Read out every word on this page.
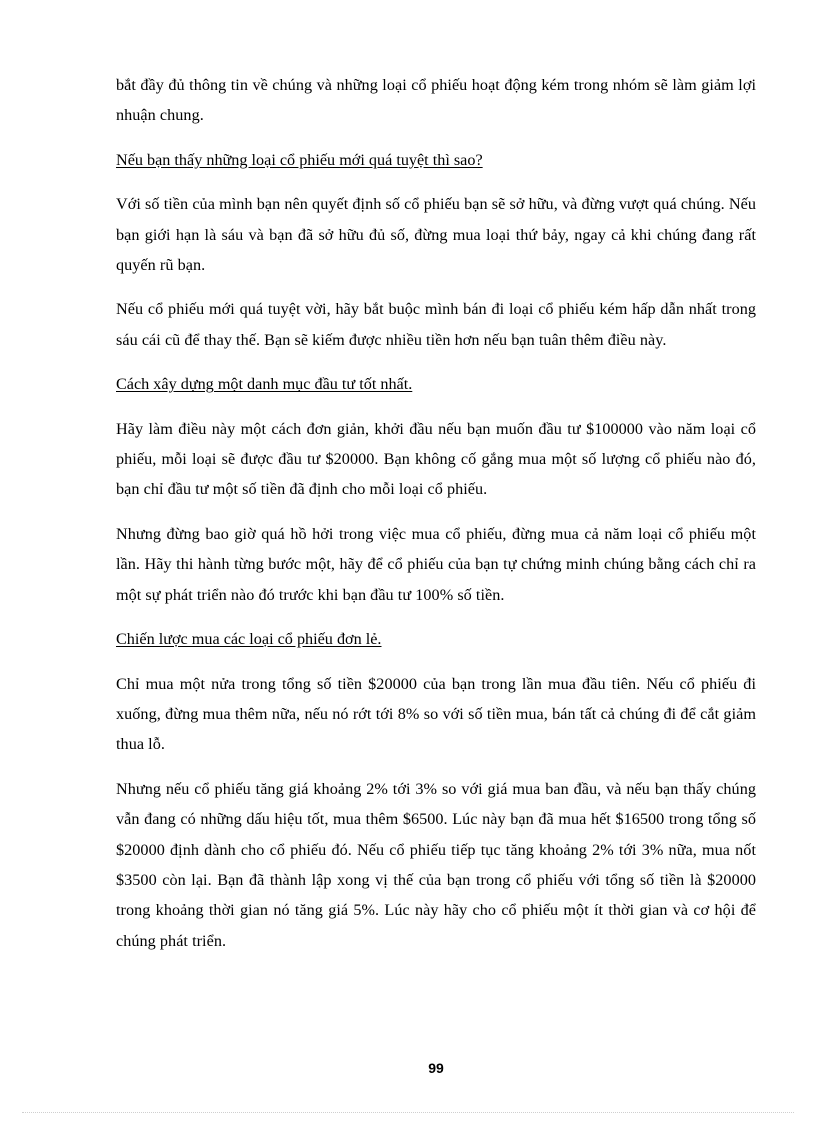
bắt đầy đủ thông tin về chúng và những loại cổ phiếu hoạt động kém trong nhóm sẽ làm giảm lợi nhuận chung.

Nếu bạn thấy những loại cổ phiếu mới quá tuyệt thì sao?

Với số tiền của mình bạn nên quyết định số cổ phiếu bạn sẽ sở hữu, và đừng vượt quá chúng. Nếu bạn giới hạn là sáu và bạn đã sở hữu đủ số, đừng mua loại thứ bảy, ngay cả khi chúng đang rất quyến rũ bạn.

Nếu cổ phiếu mới quá tuyệt vời, hãy bắt buộc mình bán đi loại cổ phiếu kém hấp dẫn nhất trong sáu cái cũ để thay thế. Bạn sẽ kiếm được nhiều tiền hơn nếu bạn tuân thêm điều này.

Cách xây dựng một danh mục đầu tư tốt nhất.

Hãy làm điều này một cách đơn giản, khởi đầu nếu bạn muốn đầu tư $100000 vào năm loại cổ phiếu, mỗi loại sẽ được đầu tư $20000. Bạn không cố gắng mua một số lượng cổ phiếu nào đó, bạn chỉ đầu tư một số tiền đã định cho mỗi loại cổ phiếu.

Nhưng đừng bao giờ quá hồ hởi trong việc mua cổ phiếu, đừng mua cả năm loại cổ phiếu một lần. Hãy thi hành từng bước một, hãy để cổ phiếu của bạn tự chứng minh chúng bằng cách chỉ ra một sự phát triển nào đó trước khi bạn đầu tư 100% số tiền.

Chiến lược mua các loại cổ phiếu đơn lẻ.

Chỉ mua một nửa trong tổng số tiền $20000 của bạn trong lần mua đầu tiên. Nếu cổ phiếu đi xuống, đừng mua thêm nữa, nếu nó rớt tới 8% so với số tiền mua, bán tất cả chúng đi để cắt giảm thua lỗ.

Nhưng nếu cổ phiếu tăng giá khoảng 2% tới 3% so với giá mua ban đầu, và nếu bạn thấy chúng vẫn đang có những dấu hiệu tốt, mua thêm $6500. Lúc này bạn đã mua hết $16500 trong tổng số $20000 định dành cho cổ phiếu đó. Nếu cổ phiếu tiếp tục tăng khoảng 2% tới 3% nữa, mua nốt $3500 còn lại. Bạn đã thành lập xong vị thế của bạn trong cổ phiếu với tổng số tiền là $20000 trong khoảng thời gian nó tăng giá 5%. Lúc này hãy cho cổ phiếu một ít thời gian và cơ hội để chúng phát triển.

99
